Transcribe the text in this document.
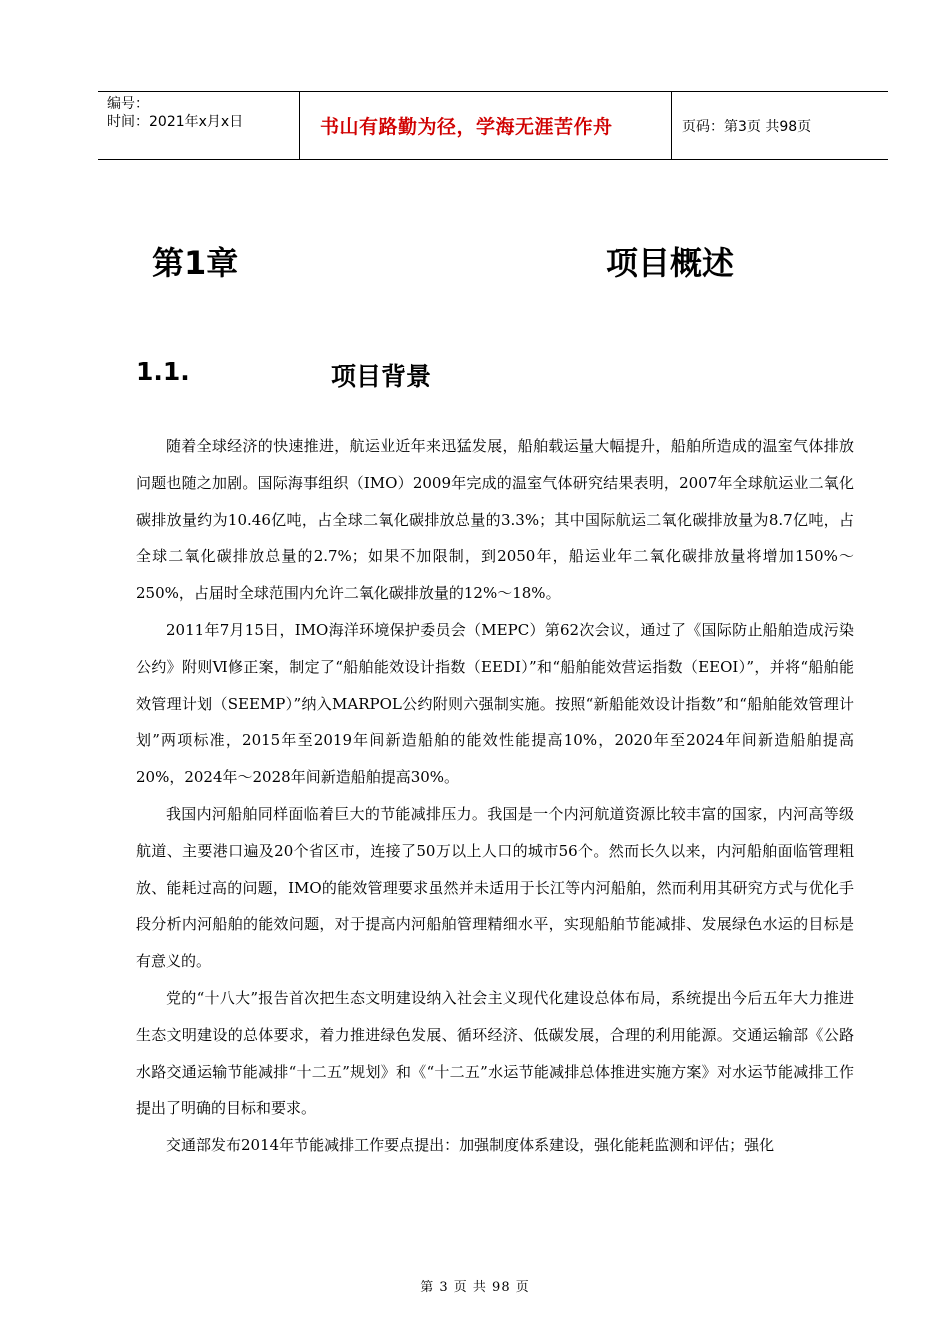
编号：
时间：2021年x月x日	书山有路勤为径，学海无涯苦作舟	页码：第3页 共98页
第1章	项目概述
1.1.	项目背景

随着全球经济的快速推进，航运业近年来迅猛发展，船舶载运量大幅提升，船舶所造成的温室气体排放问题也随之加剧。国际海事组织（IMO）2009年完成的温室气体研究结果表明，2007年全球航运业二氧化碳排放量约为10.46亿吨，占全球二氧化碳排放总量的3.3%；其中国际航运二氧化碳排放量为8.7亿吨，占全球二氧化碳排放总量的2.7%；如果不加限制，到2050年，船运业年二氧化碳排放量将增加150%～250%，占届时全球范围内允许二氧化碳排放量的12%～18%。

2011年7月15日，IMO海洋环境保护委员会（MEPC）第62次会议，通过了《国际防止船舶造成污染公约》附则Ⅵ修正案，制定了“船舶能效设计指数（EEDI）”和“船舶能效营运指数（EEOI）”，并将“船舶能效管理计划（SEEMP）”纳入MARPOL公约附则六强制实施。按照“新船能效设计指数”和“船舶能效管理计划”两项标准，2015年至2019年间新造船舶的能效性能提高10%，2020年至2024年间新造船舶提高20%，2024年～2028年间新造船舶提高30%。

我国内河船舶同样面临着巨大的节能减排压力。我国是一个内河航道资源比较丰富的国家，内河高等级航道、主要港口遍及20个省区市，连接了50万以上人口的城市56个。然而长久以来，内河船舶面临管理粗放、能耗过高的问题，IMO的能效管理要求虽然并未适用于长江等内河船舶，然而利用其研究方式与优化手段分析内河船舶的能效问题，对于提高内河船舶管理精细水平，实现船舶节能减排、发展绿色水运的目标是有意义的。

党的“十八大”报告首次把生态文明建设纳入社会主义现代化建设总体布局，系统提出今后五年大力推进生态文明建设的总体要求，着力推进绿色发展、循环经济、低碳发展，合理的利用能源。交通运输部《公路水路交通运输节能减排“十二五”规划》和《“十二五”水运节能减排总体推进实施方案》对水运节能减排工作提出了明确的目标和要求。

交通部发布2014年节能减排工作要点提出：加强制度体系建设，强化能耗监测和评估；强化

第 3 页 共 98 页
